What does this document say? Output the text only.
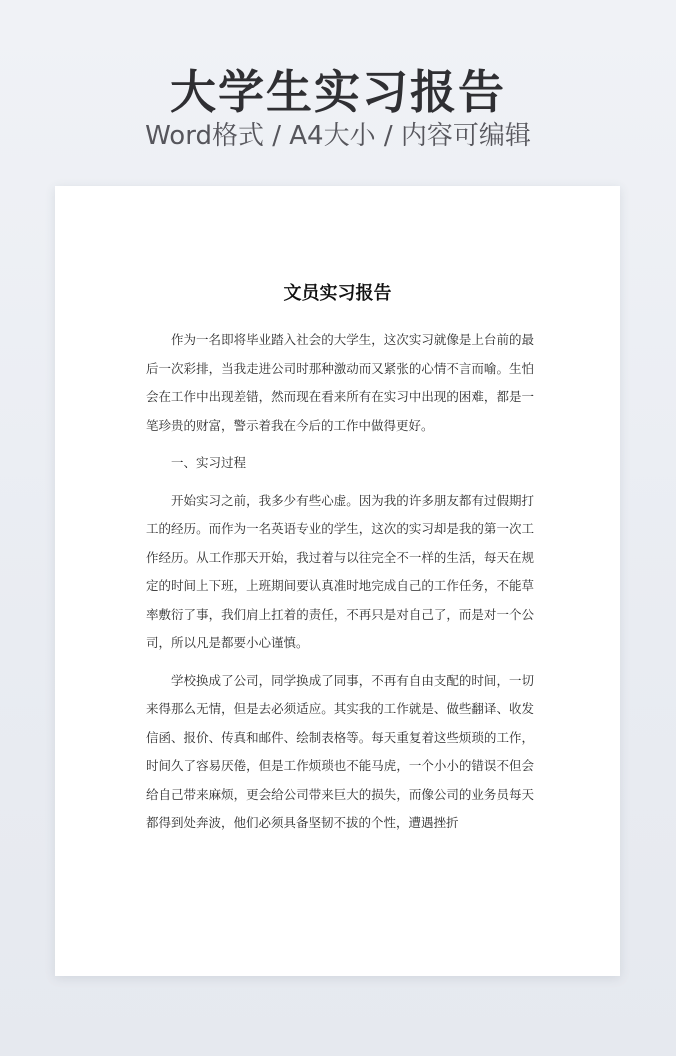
大学生实习报告
Word格式 / A4大小 / 内容可编辑
文员实习报告

作为一名即将毕业踏入社会的大学生，这次实习就像是上台前的最后一次彩排，当我走进公司时那种激动而又紧张的心情不言而喻。生怕会在工作中出现差错，然而现在看来所有在实习中出现的困难，都是一笔珍贵的财富，警示着我在今后的工作中做得更好。

一、实习过程

开始实习之前，我多少有些心虚。因为我的许多朋友都有过假期打工的经历。而作为一名英语专业的学生，这次的实习却是我的第一次工作经历。从工作那天开始，我过着与以往完全不一样的生活，每天在规定的时间上下班，上班期间要认真准时地完成自己的工作任务，不能草率敷衍了事，我们肩上扛着的责任，不再只是对自己了，而是对一个公司，所以凡是都要小心谨慎。

学校换成了公司，同学换成了同事，不再有自由支配的时间，一切来得那么无情，但是去必须适应。其实我的工作就是、做些翻译、收发信函、报价、传真和邮件、绘制表格等。每天重复着这些烦琐的工作，时间久了容易厌倦，但是工作烦琐也不能马虎，一个小小的错误不但会给自己带来麻烦，更会给公司带来巨大的损失，而像公司的业务员每天都得到处奔波，他们必须具备坚韧不拔的个性，遭遇挫折
